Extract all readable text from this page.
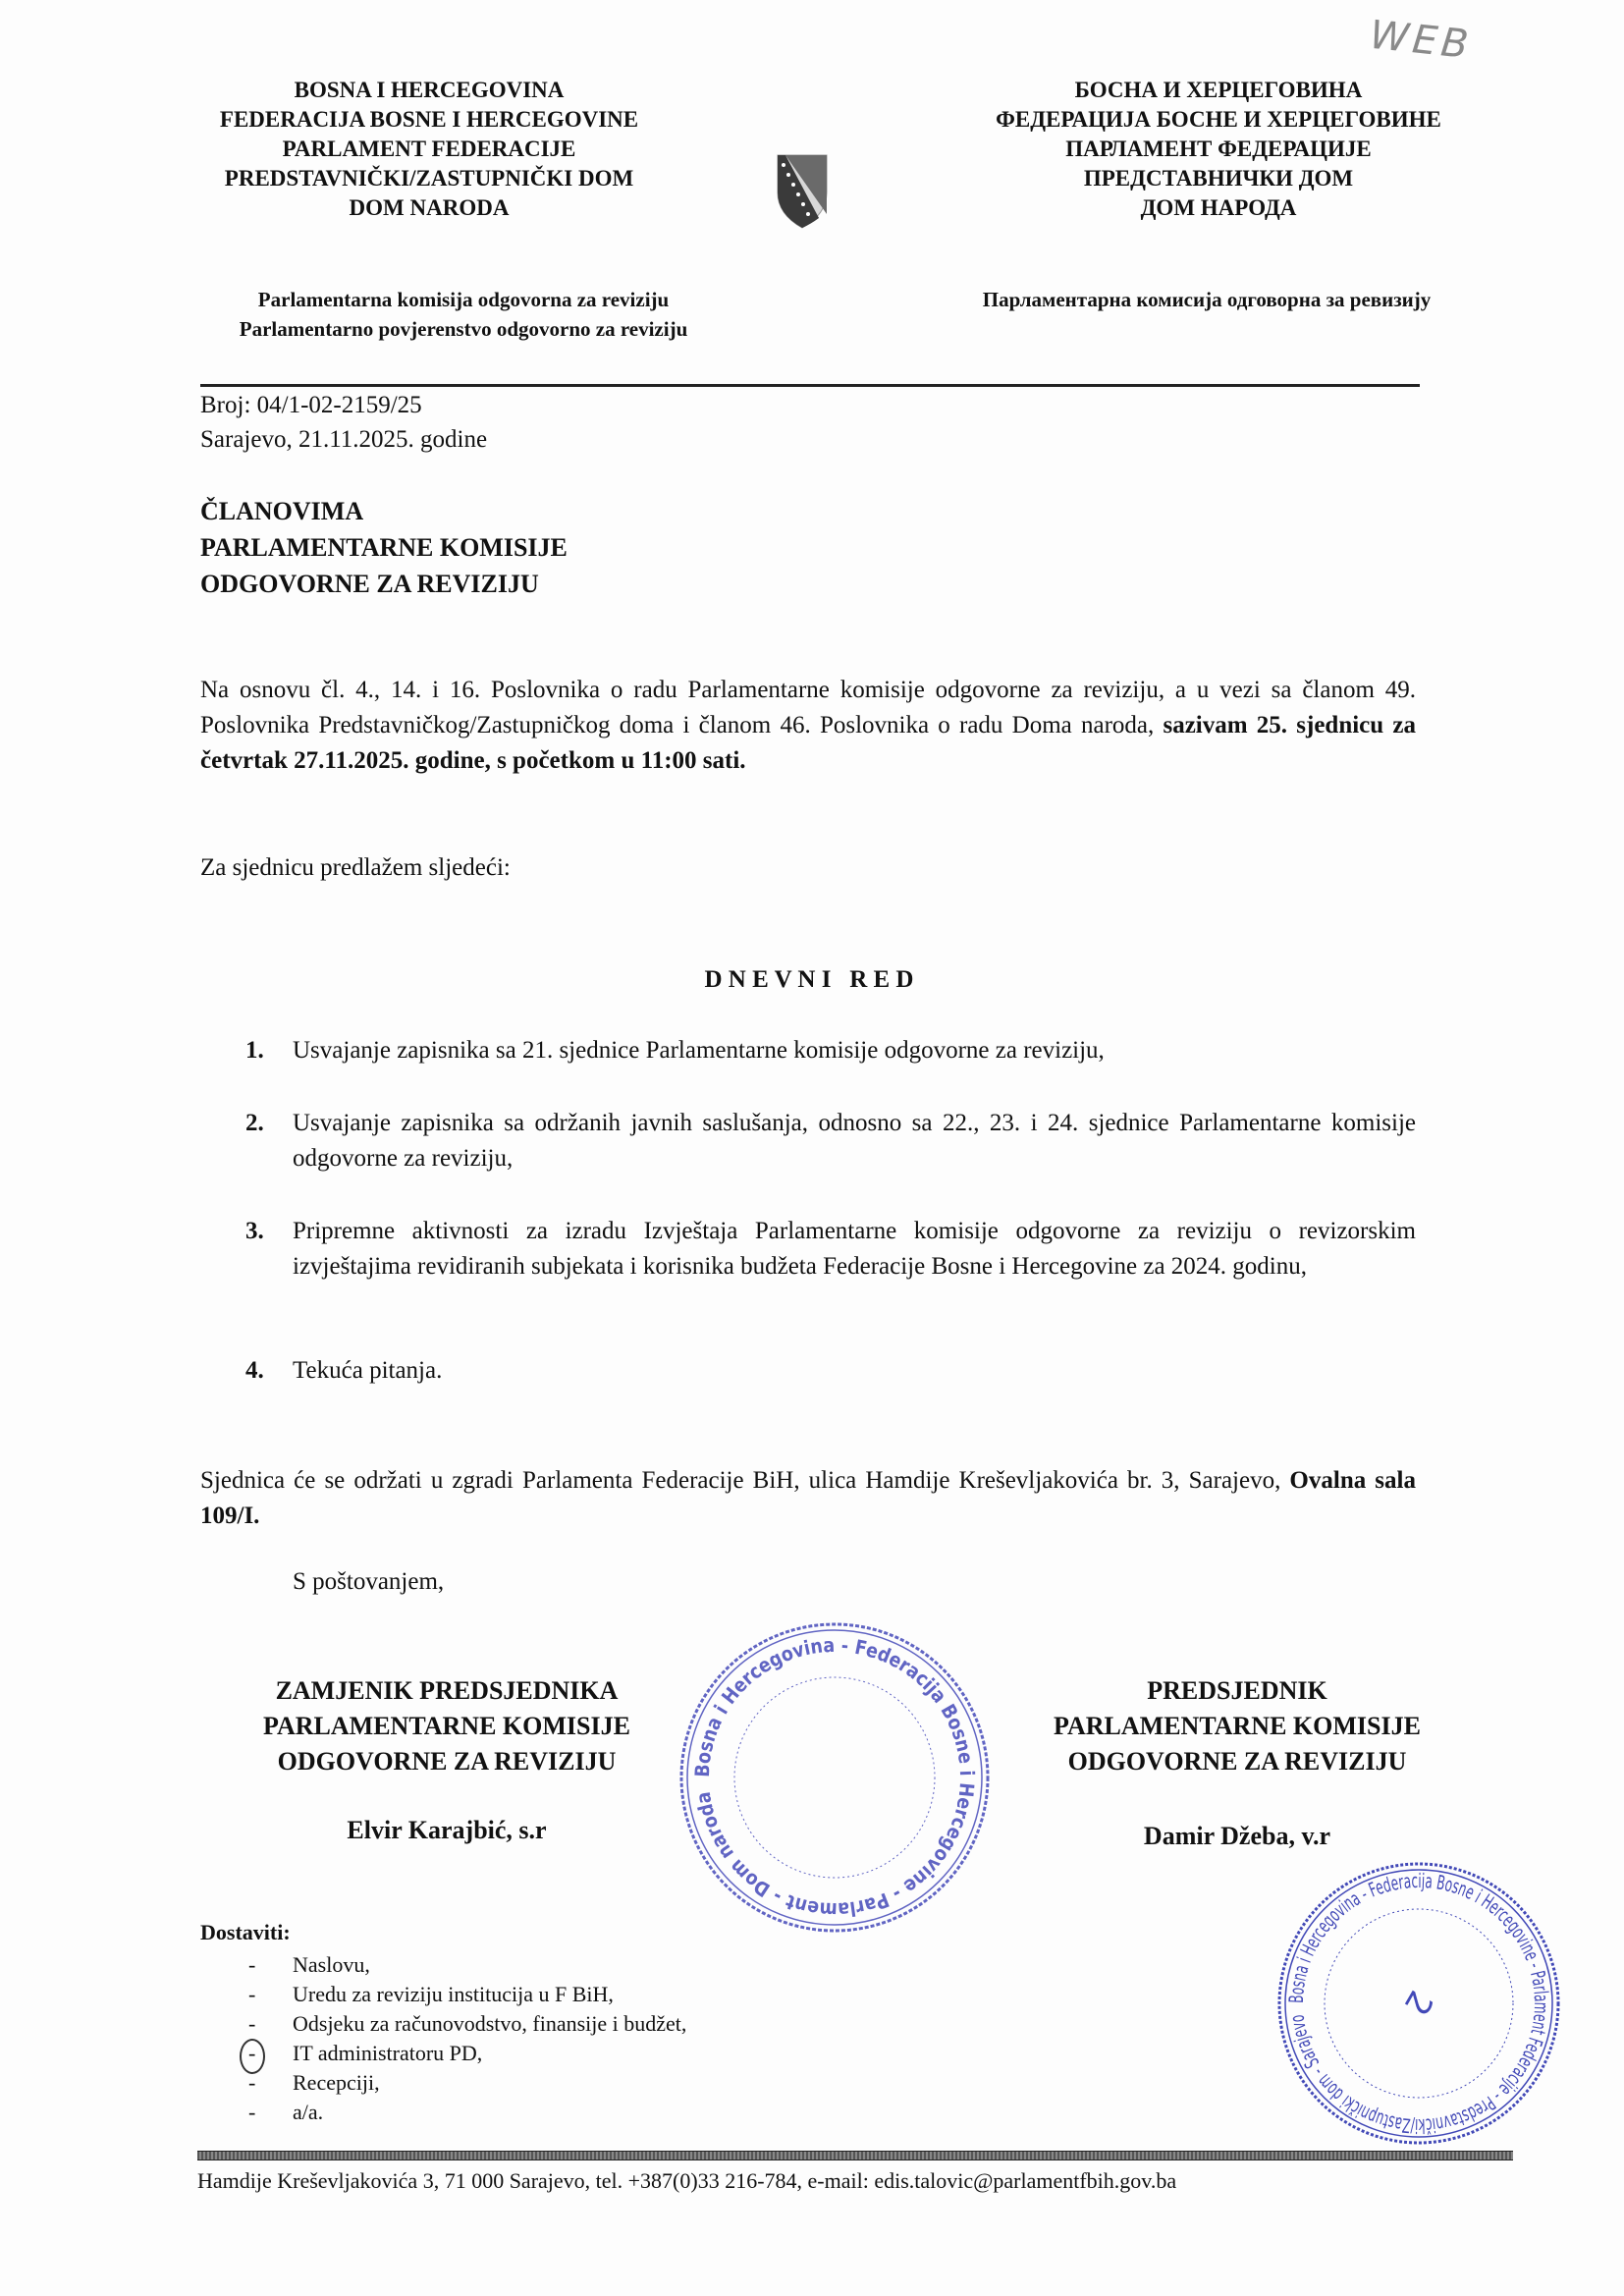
WEB
BOSNA I HERCEGOVINA
FEDERACIJA BOSNE I HERCEGOVINE
PARLAMENT FEDERACIJE
PREDSTAVNIČKI/ZASTUPNIČKI DOM
DOM NARODA
БОСНА И ХЕРЦЕГОВИНА
ФЕДЕРАЦИЈА БОСНЕ И ХЕРЦЕГОВИНЕ
ПАРЛАМЕНТ ФЕДЕРАЦИЈЕ
ПРЕДСТАВНИЧКИ ДОМ
ДОМ НАРОДА
Parlamentarna komisija odgovorna za reviziju
Parlamentarno povjerenstvo odgovorno za reviziju
Парламентарна комисија одговорна за ревизију
Broj: 04/1-02-2159/25
Sarajevo, 21.11.2025. godine
ČLANOVIMA
PARLAMENTARNE KOMISIJE
ODGOVORNE ZA REVIZIJU
Na osnovu čl. 4., 14. i 16. Poslovnika o radu Parlamentarne komisije odgovorne za reviziju, a u vezi sa članom 49. Poslovnika Predstavničkog/Zastupničkog doma i članom 46. Poslovnika o radu Doma naroda, sazivam 25. sjednicu za četvrtak 27.11.2025. godine, s početkom u 11:00 sati.
Za sjednicu predlažem sljedeći:
D N E V N I   R E D
1. Usvajanje zapisnika sa 21. sjednice Parlamentarne komisije odgovorne za reviziju,
2. Usvajanje zapisnika sa održanih javnih saslušanja, odnosno sa 22., 23. i 24. sjednice Parlamentarne komisije odgovorne za reviziju,
3. Pripremne aktivnosti za izradu Izvještaja Parlamentarne komisije odgovorne za reviziju o revizorskim izvještajima revidiranih subjekata i korisnika budžeta Federacije Bosne i Hercegovine za 2024. godinu,
4. Tekuća pitanja.
Sjednica će se održati u zgradi Parlamenta Federacije BiH, ulica Hamdije Kreševljakovića br. 3, Sarajevo, Ovalna sala 109/I.
S poštovanjem,
Bosna i Hercegovina - Federacija Bosne i Hercegovine - Parlament - Dom naroda
Bosna i Hercegovina - Federacija Bosne i Hercegovine - Parlament Federacije - Predstavnički/Zastupnički dom - Sarajevo	2
ZAMJENIK PREDSJEDNIKA
PARLAMENTARNE KOMISIJE
ODGOVORNE ZA REVIZIJU
Elvir Karajbić, s.r
PREDSJEDNIK
PARLAMENTARNE KOMISIJE
ODGOVORNE ZA REVIZIJU
Damir Džeba, v.r
Dostaviti:
- Naslovu,
- Uredu za reviziju institucija u F BiH,
- Odsjeku za računovodstvo, finansije i budžet,
- IT administratoru PD,
- Recepciji,
- a/a.
Hamdije Kreševljakovića 3, 71 000 Sarajevo, tel. +387(0)33 216-784, e-mail: edis.talovic@parlamentfbih.gov.ba
